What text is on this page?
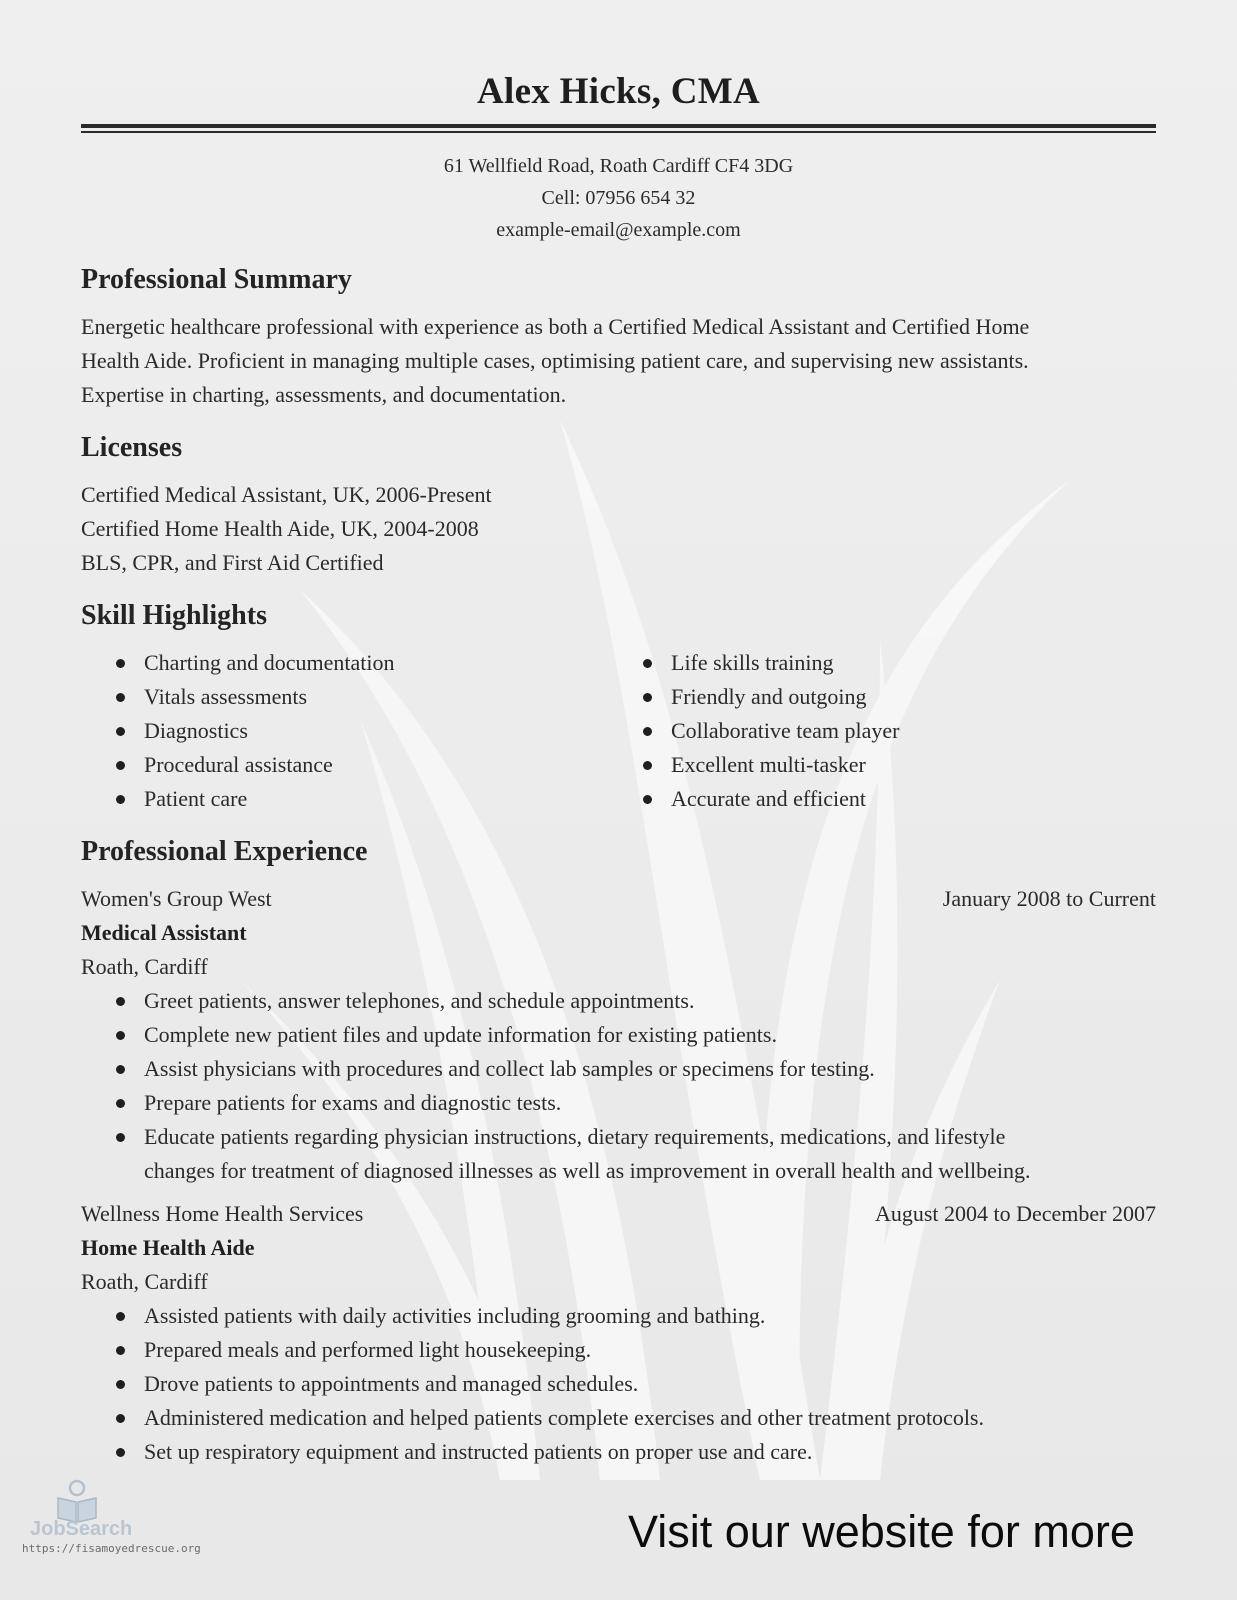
Alex Hicks, CMA
61 Wellfield Road, Roath Cardiff CF4 3DG
Cell: 07956 654 32
example-email@example.com
Professional Summary
Energetic healthcare professional with experience as both a Certified Medical Assistant and Certified Home
Health Aide. Proficient in managing multiple cases, optimising patient care, and supervising new assistants.
Expertise in charting, assessments, and documentation.
Licenses
Certified Medical Assistant, UK, 2006-Present
Certified Home Health Aide, UK, 2004-2008
BLS, CPR, and First Aid Certified
Skill Highlights
Charting and documentation
Vitals assessments
Diagnostics
Procedural assistance
Patient care
Life skills training
Friendly and outgoing
Collaborative team player
Excellent multi-tasker
Accurate and efficient
Professional Experience
Women's Group West	January 2008 to Current
Medical Assistant
Roath, Cardiff
Greet patients, answer telephones, and schedule appointments.
Complete new patient files and update information for existing patients.
Assist physicians with procedures and collect lab samples or specimens for testing.
Prepare patients for exams and diagnostic tests.
Educate patients regarding physician instructions, dietary requirements, medications, and lifestyle
changes for treatment of diagnosed illnesses as well as improvement in overall health and wellbeing.
Wellness Home Health Services	August 2004 to December 2007
Home Health Aide
Roath, Cardiff
Assisted patients with daily activities including grooming and bathing.
Prepared meals and performed light housekeeping.
Drove patients to appointments and managed schedules.
Administered medication and helped patients complete exercises and other treatment protocols.
Set up respiratory equipment and instructed patients on proper use and care.
JobSearch
https://fisamoyedrescue.org	Visit our website for more
